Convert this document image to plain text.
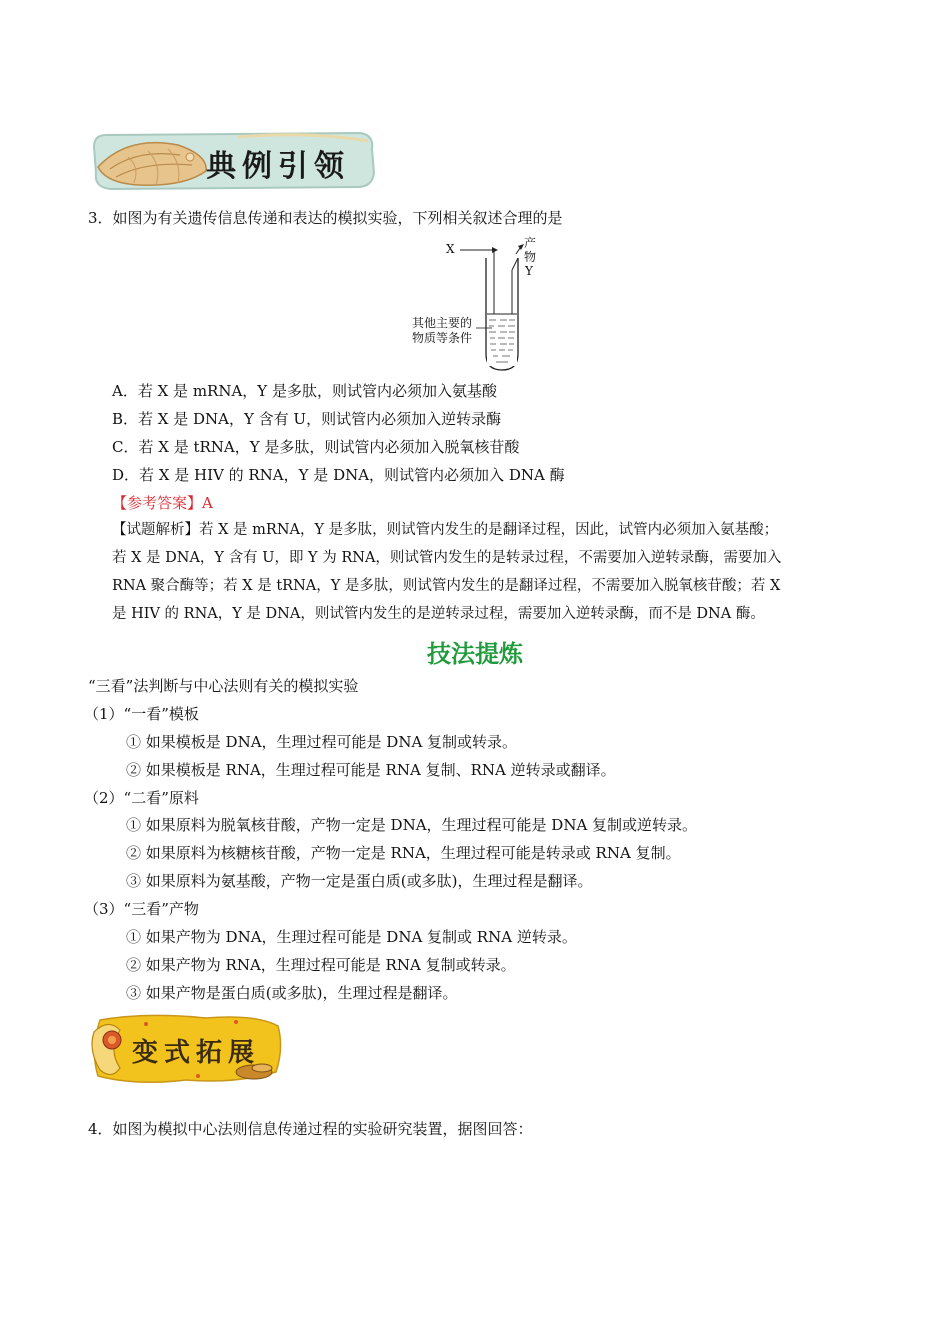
典例引领
3．如图为有关遗传信息传递和表达的模拟实验，下列相关叙述合理的是
X	产
物
Y
其他主要的
物质等条件
A．若 X 是 mRNA，Y 是多肽，则试管内必须加入氨基酸
B．若 X 是 DNA，Y 含有 U，则试管内必须加入逆转录酶
C．若 X 是 tRNA，Y 是多肽，则试管内必须加入脱氧核苷酸
D．若 X 是 HIV 的 RNA，Y 是 DNA，则试管内必须加入 DNA 酶
【参考答案】A
【试题解析】若 X 是 mRNA，Y 是多肽，则试管内发生的是翻译过程，因此，试管内必须加入氨基酸；
若 X 是 DNA，Y 含有 U，即 Y 为 RNA，则试管内发生的是转录过程，不需要加入逆转录酶，需要加入
RNA 聚合酶等；若 X 是 tRNA，Y 是多肽，则试管内发生的是翻译过程，不需要加入脱氧核苷酸；若 X
是 HIV 的 RNA，Y 是 DNA，则试管内发生的是逆转录过程，需要加入逆转录酶，而不是 DNA 酶。
技法提炼
“三看”法判断与中心法则有关的模拟实验
（1）“一看”模板
① 如果模板是 DNA，生理过程可能是 DNA 复制或转录。
② 如果模板是 RNA，生理过程可能是 RNA 复制、RNA 逆转录或翻译。
（2）“二看”原料
① 如果原料为脱氧核苷酸，产物一定是 DNA，生理过程可能是 DNA 复制或逆转录。
② 如果原料为核糖核苷酸，产物一定是 RNA，生理过程可能是转录或 RNA 复制。
③ 如果原料为氨基酸，产物一定是蛋白质(或多肽)，生理过程是翻译。
（3）“三看”产物
① 如果产物为 DNA，生理过程可能是 DNA 复制或 RNA 逆转录。
② 如果产物为 RNA，生理过程可能是 RNA 复制或转录。
③ 如果产物是蛋白质(或多肽)，生理过程是翻译。
变式拓展
4．如图为模拟中心法则信息传递过程的实验研究装置，据图回答：
